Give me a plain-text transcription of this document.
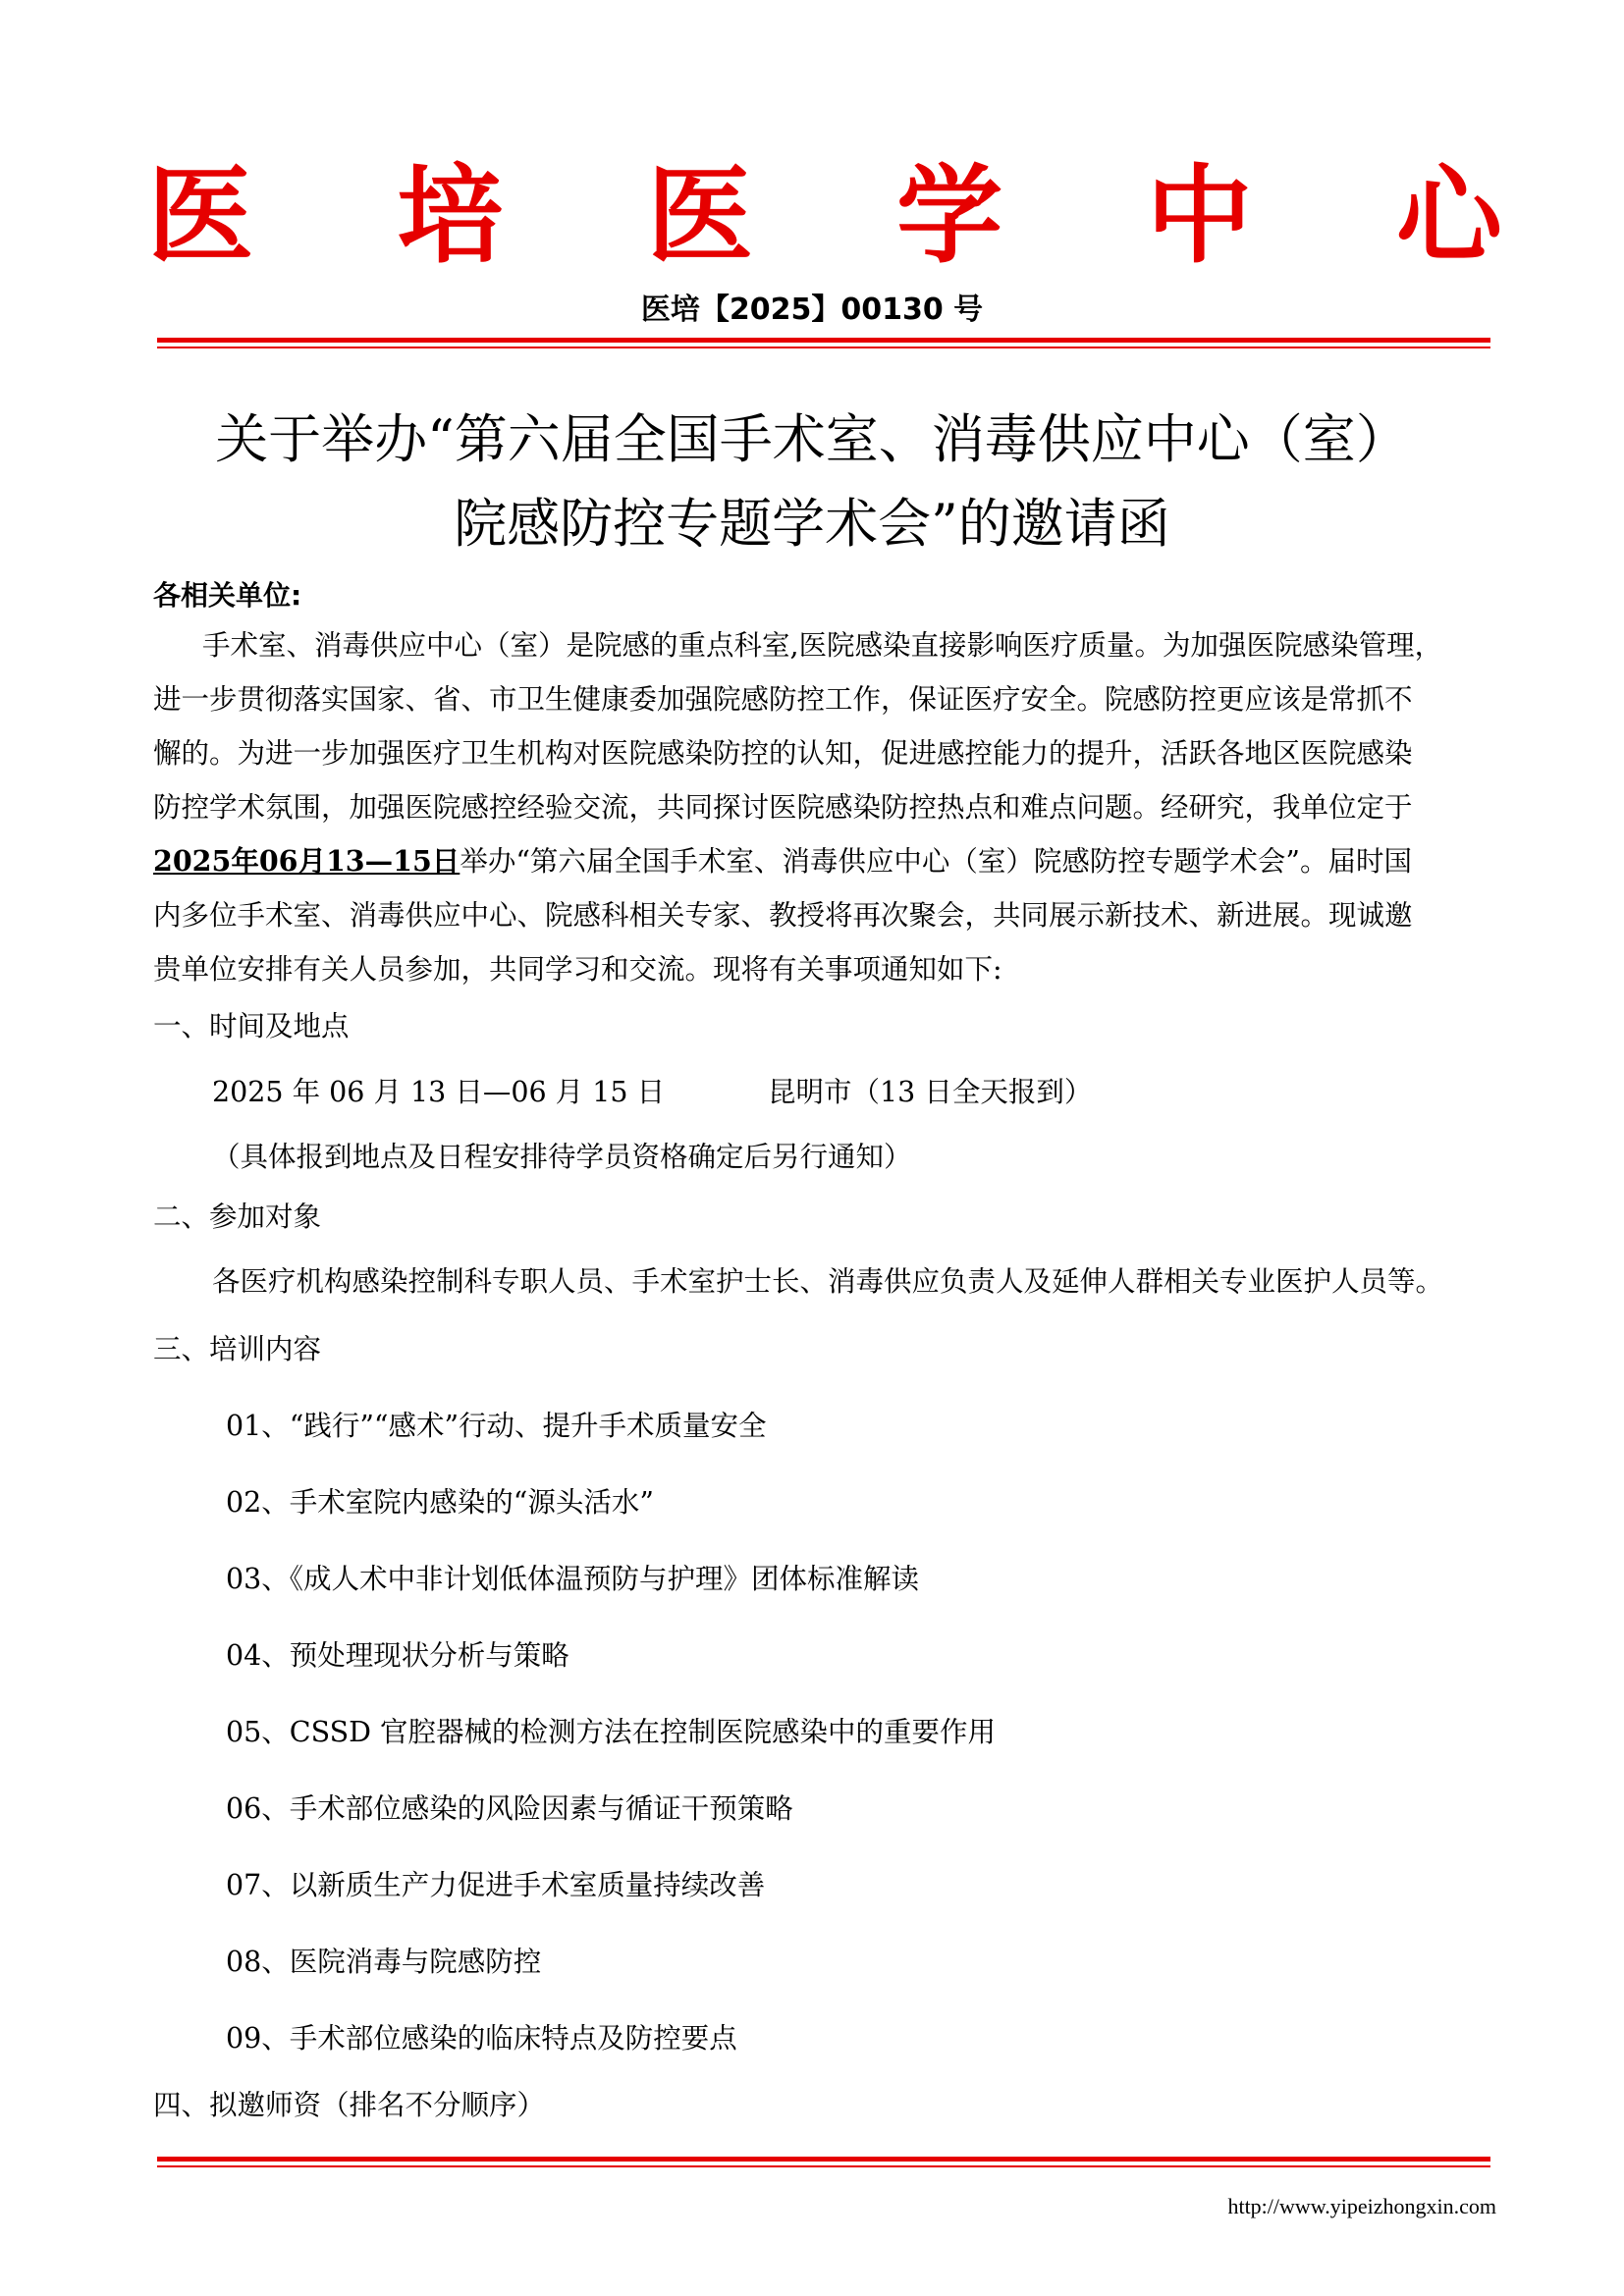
医 培 医 学 中 心
医培【2025】00130 号
关于举办“第六届全国手术室、消毒供应中心（室）
院感防控专题学术会”的邀请函
各相关单位:
手术室、消毒供应中心（室）是院感的重点科室,医院感染直接影响医疗质量。为加强医院感染管理，
进一步贯彻落实国家、省、市卫生健康委加强院感防控工作，保证医疗安全。院感防控更应该是常抓不
懈的。为进一步加强医疗卫生机构对医院感染防控的认知，促进感控能力的提升，活跃各地区医院感染
防控学术氛围，加强医院感控经验交流，共同探讨医院感染防控热点和难点问题。经研究，我单位定于
2025年06月13—15日举办“第六届全国手术室、消毒供应中心（室）院感防控专题学术会”。届时国
内多位手术室、消毒供应中心、院感科相关专家、教授将再次聚会，共同展示新技术、新进展。现诚邀
贵单位安排有关人员参加，共同学习和交流。现将有关事项通知如下:
一、时间及地点
2025 年 06 月 13 日—06 月 15 日	昆明市（13 日全天报到）
（具体报到地点及日程安排待学员资格确定后另行通知）
二、参加对象
各医疗机构感染控制科专职人员、手术室护士长、消毒供应负责人及延伸人群相关专业医护人员等。
三、培训内容
01、“践行”“感术”行动、提升手术质量安全
02、手术室院内感染的“源头活水”
03、《成人术中非计划低体温预防与护理》团体标准解读
04、预处理现状分析与策略
05、CSSD 官腔器械的检测方法在控制医院感染中的重要作用
06、手术部位感染的风险因素与循证干预策略
07、以新质生产力促进手术室质量持续改善
08、医院消毒与院感防控
09、手术部位感染的临床特点及防控要点
四、拟邀师资（排名不分顺序）
http://www.yipeizhongxin.com
